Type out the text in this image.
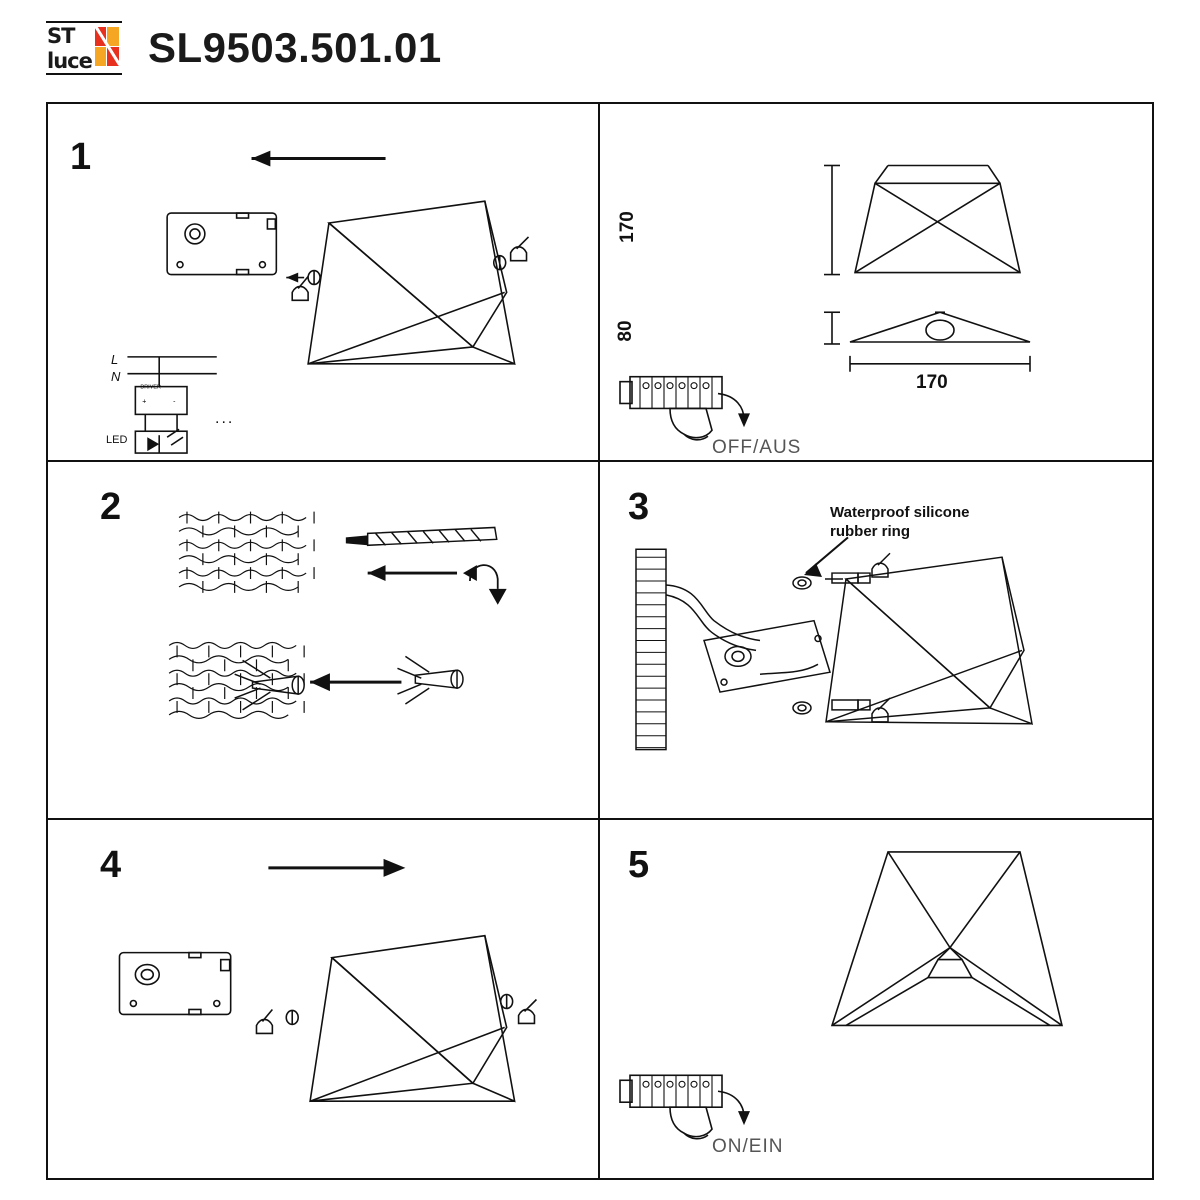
ST
luce SL9503.501.01
1
DRIVER
+	-
L
N
LED
...
170
80
170
OFF/AUS
2	3	Waterproof silicone
rubber ring
4	5
ON/EIN
